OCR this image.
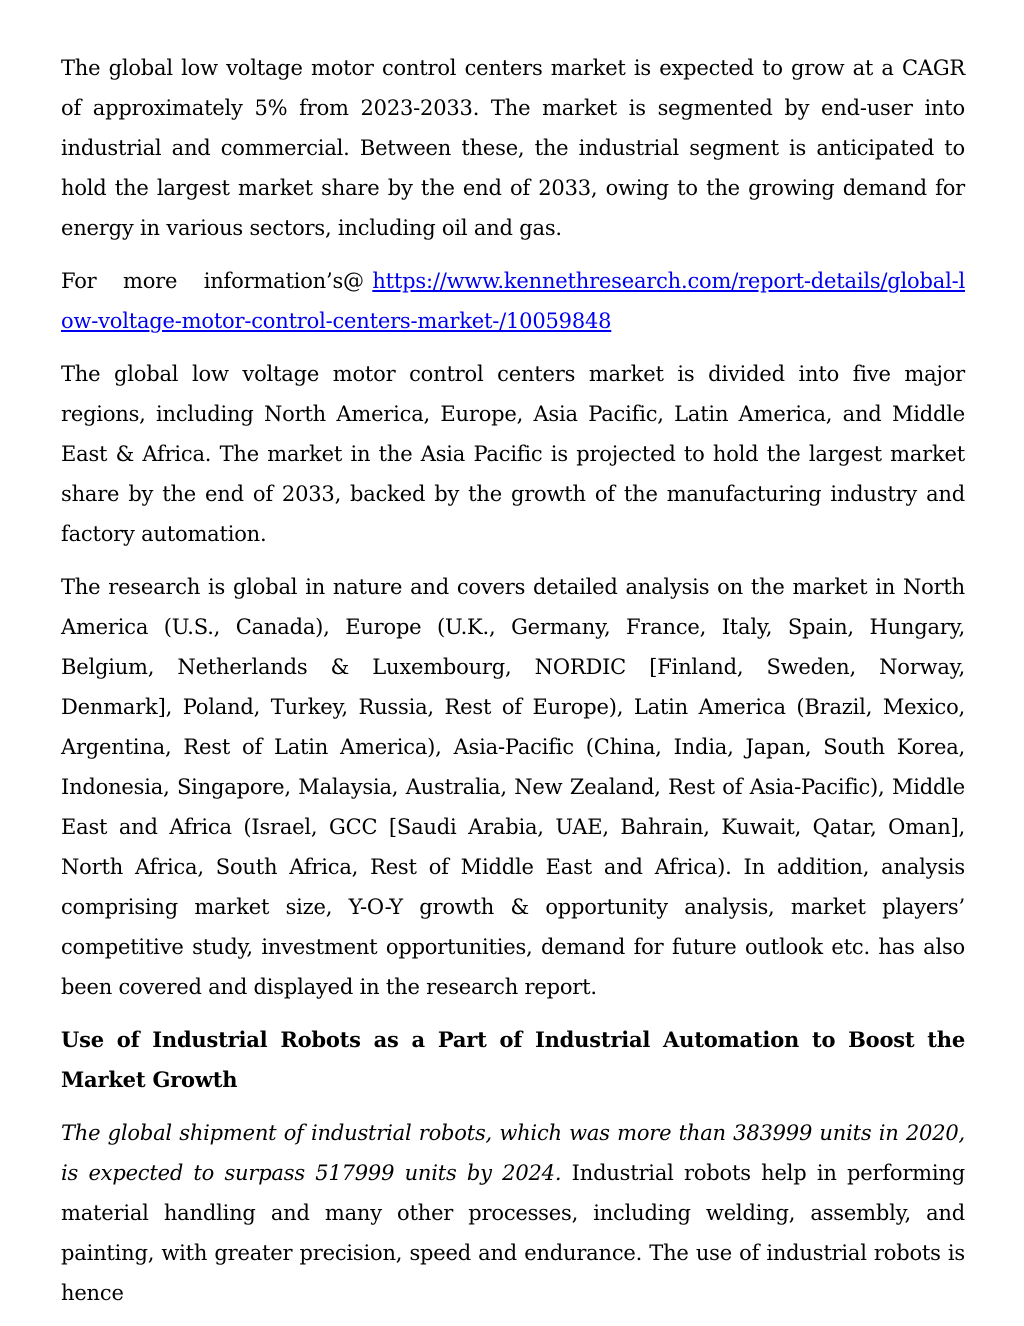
The global low voltage motor control centers market is expected to grow at a CAGR of approximately 5% from 2023-2033. The market is segmented by end-user into industrial and commercial. Between these, the industrial segment is anticipated to hold the largest market share by the end of 2033, owing to the growing demand for energy in various sectors, including oil and gas.

For more information’s@ https://www.kennethresearch.com/report-details/global-low-voltage-motor-control-centers-market-/10059848

The global low voltage motor control centers market is divided into five major regions, including North America, Europe, Asia Pacific, Latin America, and Middle East & Africa. The market in the Asia Pacific is projected to hold the largest market share by the end of 2033, backed by the growth of the manufacturing industry and factory automation.

The research is global in nature and covers detailed analysis on the market in North America (U.S., Canada), Europe (U.K., Germany, France, Italy, Spain, Hungary, Belgium, Netherlands & Luxembourg, NORDIC [Finland, Sweden, Norway, Denmark], Poland, Turkey, Russia, Rest of Europe), Latin America (Brazil, Mexico, Argentina, Rest of Latin America), Asia-Pacific (China, India, Japan, South Korea, Indonesia, Singapore, Malaysia, Australia, New Zealand, Rest of Asia-Pacific), Middle East and Africa (Israel, GCC [Saudi Arabia, UAE, Bahrain, Kuwait, Qatar, Oman], North Africa, South Africa, Rest of Middle East and Africa). In addition, analysis comprising market size, Y-O-Y growth & opportunity analysis, market players’ competitive study, investment opportunities, demand for future outlook etc. has also been covered and displayed in the research report.

Use of Industrial Robots as a Part of Industrial Automation to Boost the Market Growth

The global shipment of industrial robots, which was more than 383999 units in 2020, is expected to surpass 517999 units by 2024. Industrial robots help in performing material handling and many other processes, including welding, assembly, and painting, with greater precision, speed and endurance. The use of industrial robots is hence
